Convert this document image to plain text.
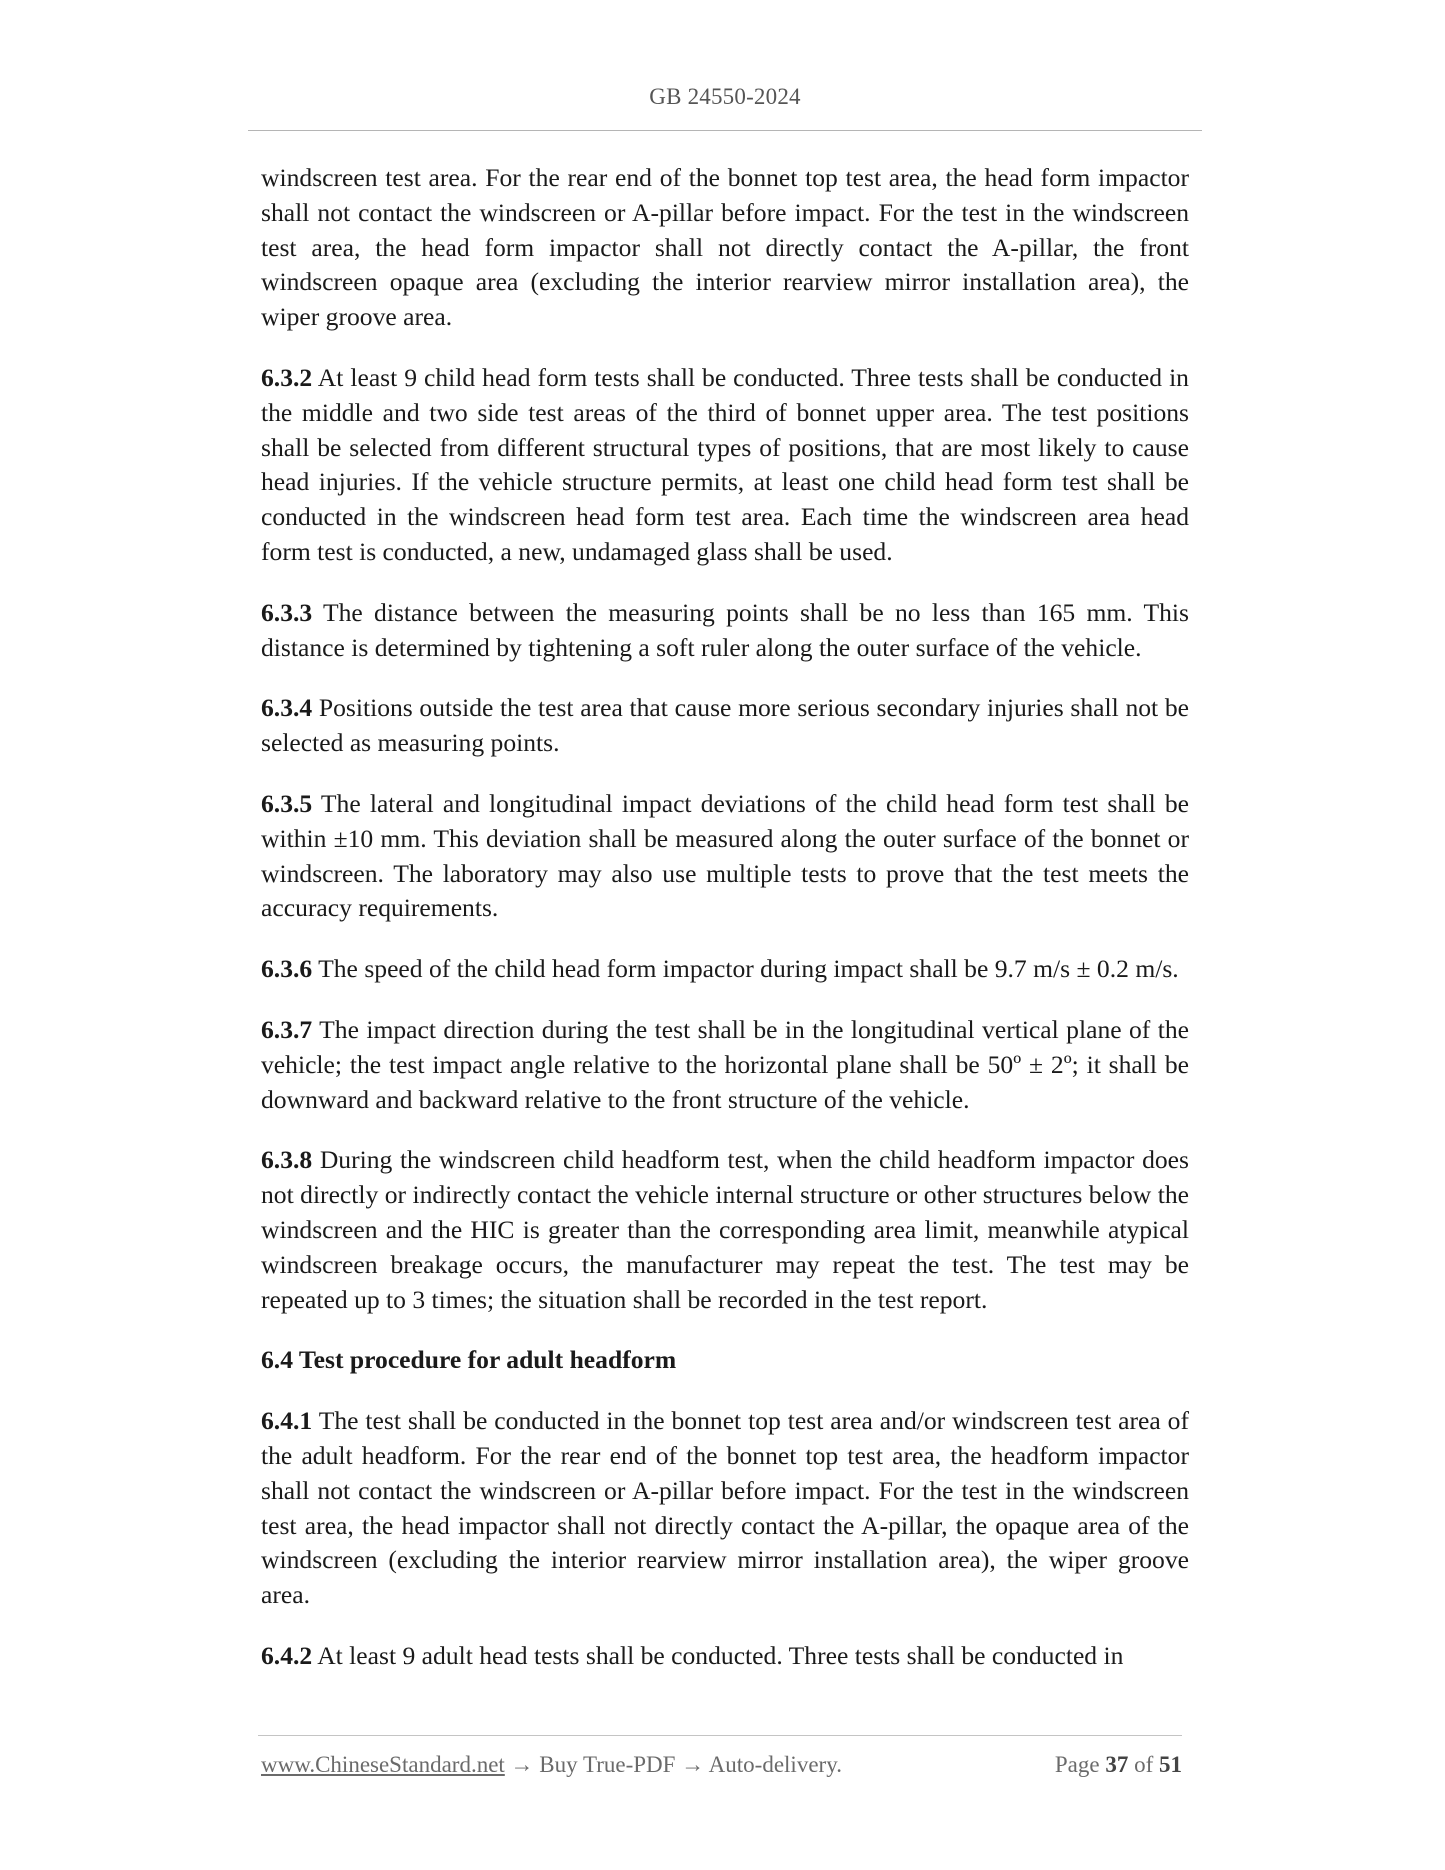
GB 24550-2024

windscreen test area. For the rear end of the bonnet top test area, the head form impactor shall not contact the windscreen or A-pillar before impact. For the test in the windscreen test area, the head form impactor shall not directly contact the A-pillar, the front windscreen opaque area (excluding the interior rearview mirror installation area), the wiper groove area.

6.3.2 At least 9 child head form tests shall be conducted. Three tests shall be conducted in the middle and two side test areas of the third of bonnet upper area. The test positions shall be selected from different structural types of positions, that are most likely to cause head injuries. If the vehicle structure permits, at least one child head form test shall be conducted in the windscreen head form test area. Each time the windscreen area head form test is conducted, a new, undamaged glass shall be used.

6.3.3 The distance between the measuring points shall be no less than 165 mm. This distance is determined by tightening a soft ruler along the outer surface of the vehicle.

6.3.4 Positions outside the test area that cause more serious secondary injuries shall not be selected as measuring points.

6.3.5 The lateral and longitudinal impact deviations of the child head form test shall be within ±10 mm. This deviation shall be measured along the outer surface of the bonnet or windscreen. The laboratory may also use multiple tests to prove that the test meets the accuracy requirements.

6.3.6 The speed of the child head form impactor during impact shall be 9.7 m/s ± 0.2 m/s.

6.3.7 The impact direction during the test shall be in the longitudinal vertical plane of the vehicle; the test impact angle relative to the horizontal plane shall be 50º ± 2º; it shall be downward and backward relative to the front structure of the vehicle.

6.3.8 During the windscreen child headform test, when the child headform impactor does not directly or indirectly contact the vehicle internal structure or other structures below the windscreen and the HIC is greater than the corresponding area limit, meanwhile atypical windscreen breakage occurs, the manufacturer may repeat the test. The test may be repeated up to 3 times; the situation shall be recorded in the test report.

6.4 Test procedure for adult headform

6.4.1 The test shall be conducted in the bonnet top test area and/or windscreen test area of the adult headform. For the rear end of the bonnet top test area, the headform impactor shall not contact the windscreen or A-pillar before impact. For the test in the windscreen test area, the head impactor shall not directly contact the A-pillar, the opaque area of the windscreen (excluding the interior rearview mirror installation area), the wiper groove area.

6.4.2 At least 9 adult head tests shall be conducted. Three tests shall be conducted in

www.ChineseStandard.net → Buy True-PDF → Auto-delivery.	Page 37 of 51
